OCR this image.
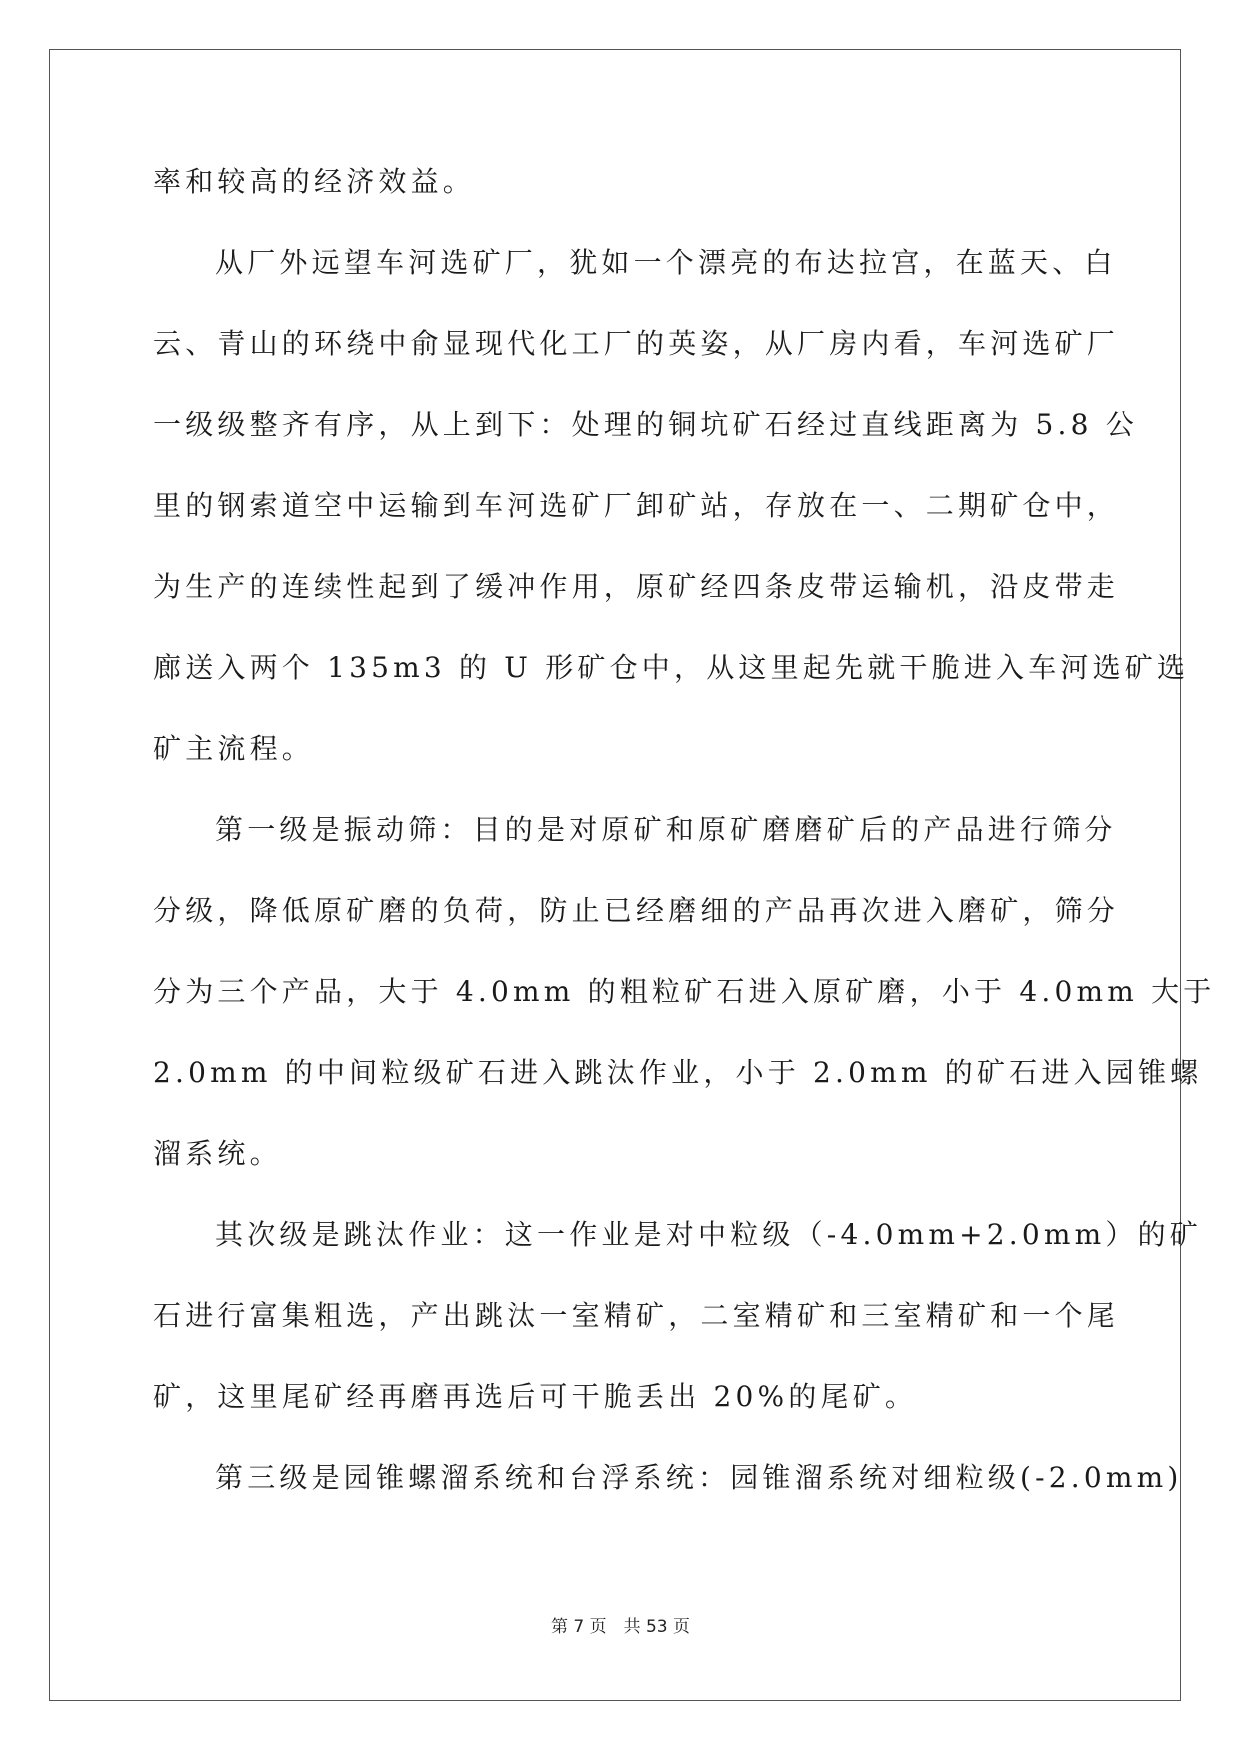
率和较高的经济效益。
从厂外远望车河选矿厂，犹如一个漂亮的布达拉宫，在蓝天、白
云、青山的环绕中俞显现代化工厂的英姿，从厂房内看，车河选矿厂
一级级整齐有序，从上到下：处理的铜坑矿石经过直线距离为 5.8 公
里的钢索道空中运输到车河选矿厂卸矿站，存放在一、二期矿仓中，
为生产的连续性起到了缓冲作用，原矿经四条皮带运输机，沿皮带走
廊送入两个 135m3 的 U 形矿仓中，从这里起先就干脆进入车河选矿选
矿主流程。
第一级是振动筛：目的是对原矿和原矿磨磨矿后的产品进行筛分
分级，降低原矿磨的负荷，防止已经磨细的产品再次进入磨矿，筛分
分为三个产品，大于 4.0mm 的粗粒矿石进入原矿磨，小于 4.0mm 大于
2.0mm 的中间粒级矿石进入跳汰作业，小于 2.0mm 的矿石进入园锥螺
溜系统。
其次级是跳汰作业：这一作业是对中粒级（-4.0mm+2.0mm）的矿
石进行富集粗选，产出跳汰一室精矿，二室精矿和三室精矿和一个尾
矿，这里尾矿经再磨再选后可干脆丢出 20%的尾矿。
第三级是园锥螺溜系统和台浮系统：园锥溜系统对细粒级(-2.0mm)
第 7 页　共 53 页
